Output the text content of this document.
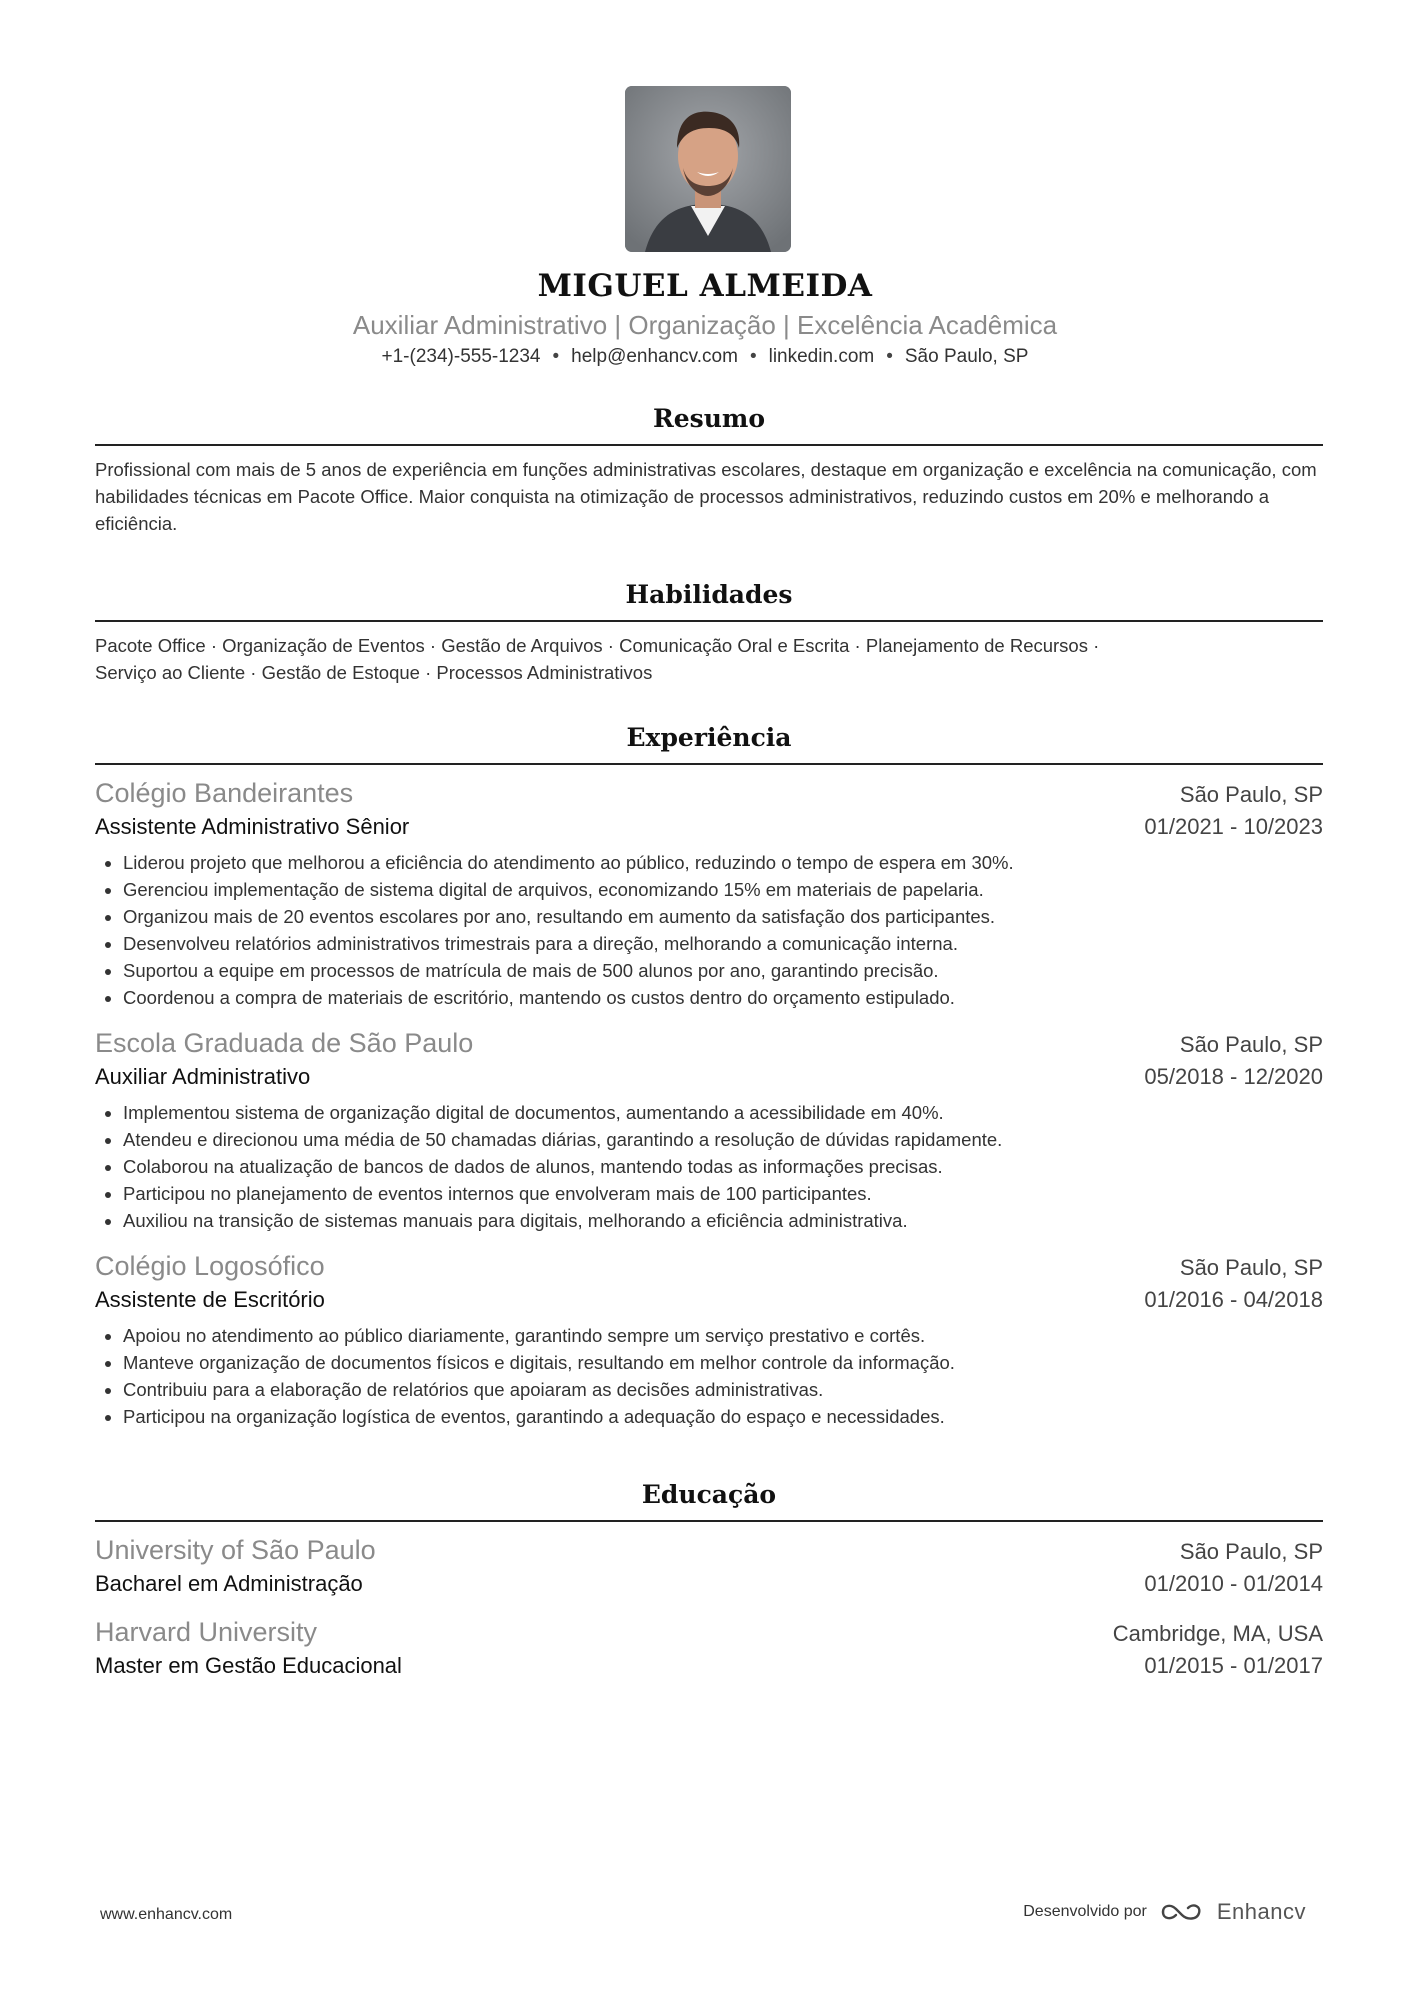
MIGUEL ALMEIDA
Auxiliar Administrativo | Organização | Excelência Acadêmica
+1-(234)-555-1234 • help@enhancv.com • linkedin.com • São Paulo, SP
Resumo
Profissional com mais de 5 anos de experiência em funções administrativas escolares, destaque em organização e excelência na comunicação, com habilidades técnicas em Pacote Office. Maior conquista na otimização de processos administrativos, reduzindo custos em 20% e melhorando a eficiência.
Habilidades
Pacote Office · Organização de Eventos · Gestão de Arquivos · Comunicação Oral e Escrita · Planejamento de Recursos ·
Serviço ao Cliente · Gestão de Estoque · Processos Administrativos
Experiência
Colégio Bandeirantes	São Paulo, SP
Assistente Administrativo Sênior	01/2021 - 10/2023
• Liderou projeto que melhorou a eficiência do atendimento ao público, reduzindo o tempo de espera em 30%.
• Gerenciou implementação de sistema digital de arquivos, economizando 15% em materiais de papelaria.
• Organizou mais de 20 eventos escolares por ano, resultando em aumento da satisfação dos participantes.
• Desenvolveu relatórios administrativos trimestrais para a direção, melhorando a comunicação interna.
• Suportou a equipe em processos de matrícula de mais de 500 alunos por ano, garantindo precisão.
• Coordenou a compra de materiais de escritório, mantendo os custos dentro do orçamento estipulado.
Escola Graduada de São Paulo	São Paulo, SP
Auxiliar Administrativo	05/2018 - 12/2020
• Implementou sistema de organização digital de documentos, aumentando a acessibilidade em 40%.
• Atendeu e direcionou uma média de 50 chamadas diárias, garantindo a resolução de dúvidas rapidamente.
• Colaborou na atualização de bancos de dados de alunos, mantendo todas as informações precisas.
• Participou no planejamento de eventos internos que envolveram mais de 100 participantes.
• Auxiliou na transição de sistemas manuais para digitais, melhorando a eficiência administrativa.
Colégio Logosófico	São Paulo, SP
Assistente de Escritório	01/2016 - 04/2018
• Apoiou no atendimento ao público diariamente, garantindo sempre um serviço prestativo e cortês.
• Manteve organização de documentos físicos e digitais, resultando em melhor controle da informação.
• Contribuiu para a elaboração de relatórios que apoiaram as decisões administrativas.
• Participou na organização logística de eventos, garantindo a adequação do espaço e necessidades.
Educação
University of São Paulo	São Paulo, SP
Bacharel em Administração	01/2010 - 01/2014
Harvard University	Cambridge, MA, USA
Master em Gestão Educacional	01/2015 - 01/2017
www.enhancv.com	Desenvolvido por	Enhancv
